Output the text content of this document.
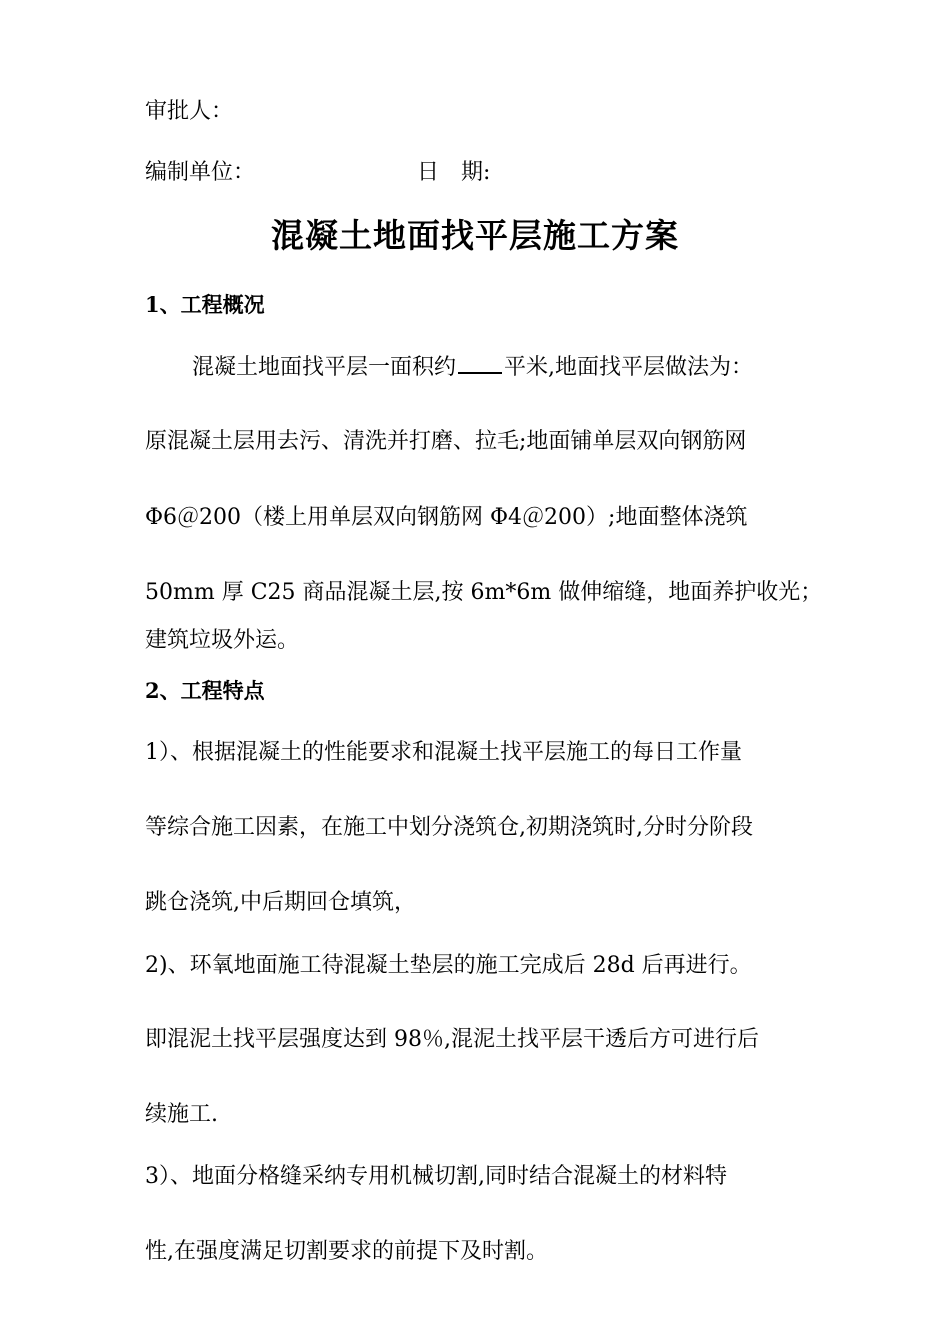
审批人：
编制单位：	日　期:
混凝土地面找平层施工方案
1、工程概况
混凝土地面找平层一面积约 平米,地面找平层做法为：
原混凝土层用去污、清洗并打磨、拉毛;地面铺单层双向钢筋网
Φ6＠200（楼上用单层双向钢筋网 Φ4＠200）;地面整体浇筑
50mm 厚 C25 商品混凝土层,按 6m*6m 做伸缩缝，地面养护收光；
建筑垃圾外运。
2、工程特点
1）、根据混凝土的性能要求和混凝土找平层施工的每日工作量
等综合施工因素，在施工中划分浇筑仓,初期浇筑时,分时分阶段
跳仓浇筑,中后期回仓填筑，
2)、环氧地面施工待混凝土垫层的施工完成后 28d 后再进行。
即混泥土找平层强度达到 98％,混泥土找平层干透后方可进行后
续施工.
3）、地面分格缝采纳专用机械切割,同时结合混凝土的材料特
性,在强度满足切割要求的前提下及时割。
